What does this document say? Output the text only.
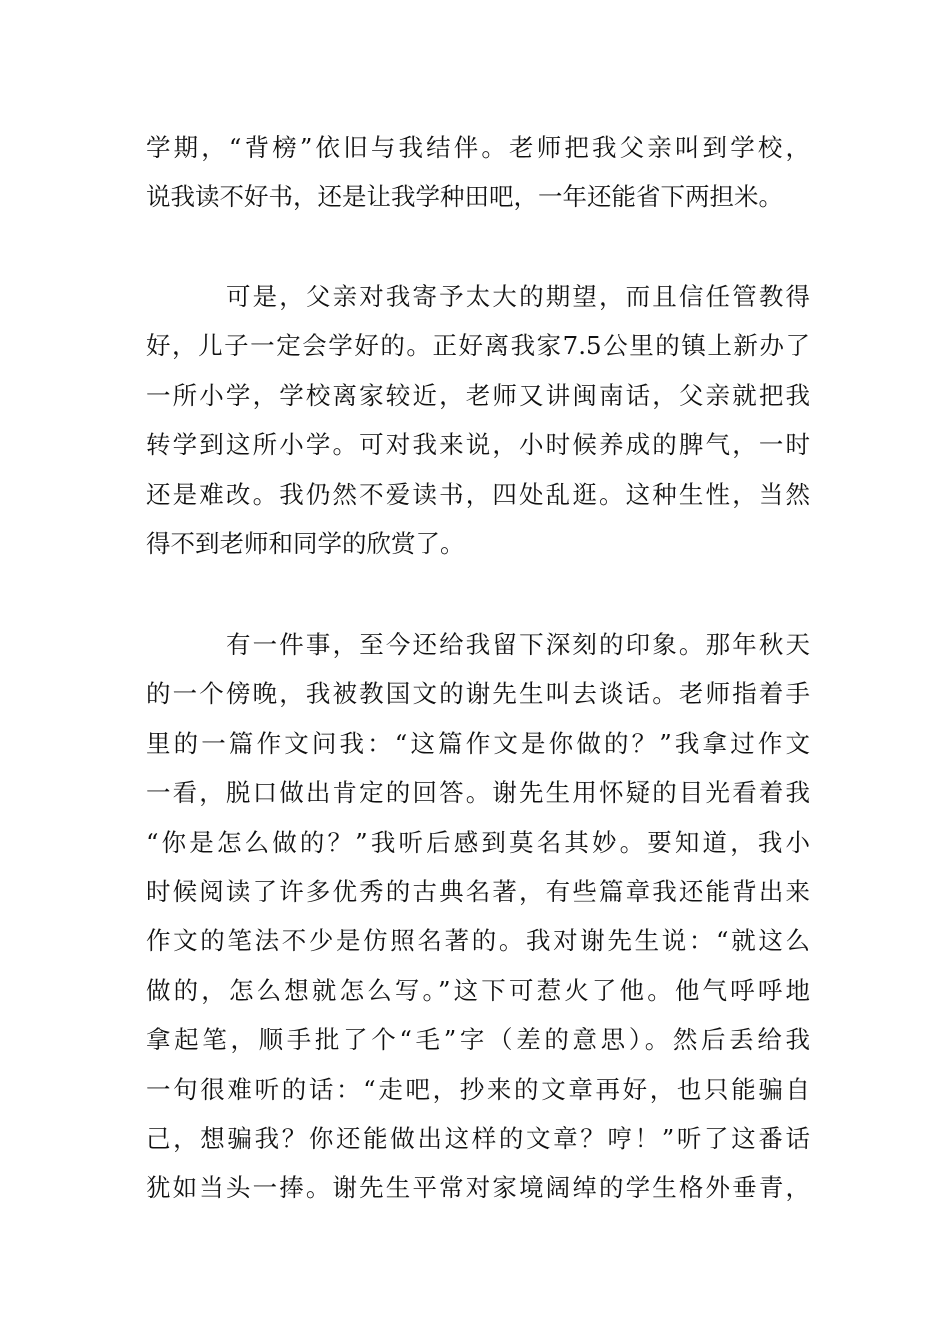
学期，“背榜”依旧与我结伴。老师把我父亲叫到学校，
说我读不好书，还是让我学种田吧，一年还能省下两担米。
可是，父亲对我寄予太大的期望，而且信任管教得
好，儿子一定会学好的。正好离我家7.5公里的镇上新办了
一所小学，学校离家较近，老师又讲闽南话，父亲就把我
转学到这所小学。可对我来说，小时候养成的脾气，一时
还是难改。我仍然不爱读书，四处乱逛。这种生性，当然
得不到老师和同学的欣赏了。
有一件事，至今还给我留下深刻的印象。那年秋天
的一个傍晚，我被教国文的谢先生叫去谈话。老师指着手
里的一篇作文问我：“这篇作文是你做的？”我拿过作文
一看，脱口做出肯定的回答。谢先生用怀疑的目光看着我
“你是怎么做的？”我听后感到莫名其妙。要知道，我小
时候阅读了许多优秀的古典名著，有些篇章我还能背出来
作文的笔法不少是仿照名著的。我对谢先生说：“就这么
做的，怎么想就怎么写。”这下可惹火了他。他气呼呼地
拿起笔，顺手批了个“毛”字（差的意思）。然后丢给我
一句很难听的话：“走吧，抄来的文章再好，也只能骗自
己，想骗我？你还能做出这样的文章？哼！”听了这番话
犹如当头一捧。谢先生平常对家境阔绰的学生格外垂青，
